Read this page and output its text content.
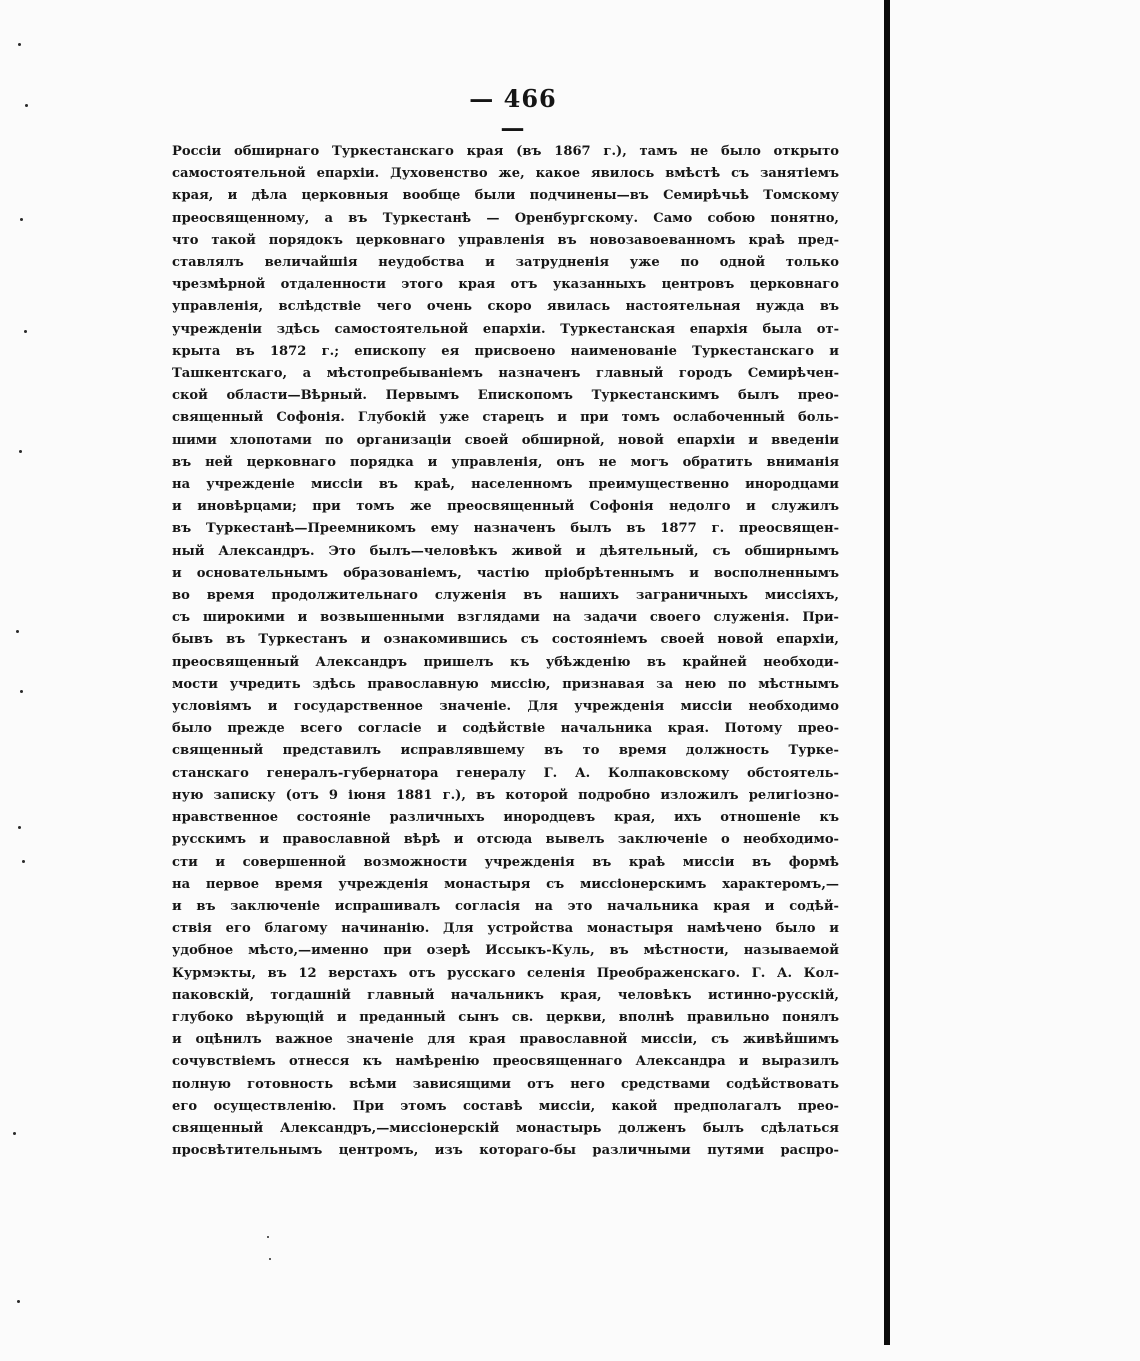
— 466 —
Россіи обширнаго Туркестанскаго края (въ 1867 г.), тамъ не было открыто
самостоятельной епархіи. Духовенство же, какое явилось вмѣстѣ съ занятіемъ
края, и дѣла церковныя вообще были подчинены—въ Семирѣчьѣ Томскому
преосвященному, а въ Туркестанѣ — Оренбургскому. Само собою понятно,
что такой порядокъ церковнаго управленія въ новозавоеванномъ краѣ пред-
ставлялъ величайшія неудобства и затрудненія уже по одной только
чрезмѣрной отдаленности этого края отъ указанныхъ центровъ церковнаго
управленія, вслѣдствіе чего очень скоро явилась настоятельная нужда въ
учрежденіи здѣсь самостоятельной епархіи. Туркестанская епархія была от-
крыта въ 1872 г.; епископу ея присвоено наименованіе Туркестанскаго и
Ташкентскаго, а мѣстопребываніемъ назначенъ главный городъ Семирѣчен-
ской области—Вѣрный. Первымъ Епископомъ Туркестанскимъ былъ прео-
священный Софонія. Глубокій уже старецъ и при томъ ослабоченный боль-
шими хлопотами по организаціи своей обширной, новой епархіи и введеніи
въ ней церковнаго порядка и управленія, онъ не могъ обратить вниманія
на учрежденіе миссіи въ краѣ, населенномъ преимущественно инородцами
и иновѣрцами; при томъ же преосвященный Софонія недолго и служилъ
въ Туркестанѣ—Преемникомъ ему назначенъ былъ въ 1877 г. преосвящен-
ный Александръ. Это былъ—человѣкъ живой и дѣятельный, съ обширнымъ
и основательнымъ образованіемъ, частію пріобрѣтеннымъ и восполненнымъ
во время продолжительнаго служенія въ нашихъ заграничныхъ миссіяхъ,
съ широкими и возвышенными взглядами на задачи своего служенія. При-
бывъ въ Туркестанъ и ознакомившись съ состояніемъ своей новой епархіи,
преосвященный Александръ пришелъ къ убѣжденію въ крайней необходи-
мости учредить здѣсь православную миссію, признавая за нею по мѣстнымъ
условіямъ и государственное значеніе. Для учрежденія миссіи необходимо
было прежде всего согласіе и содѣйствіе начальника края. Потому прео-
священный представилъ исправлявшему въ то время должность Турке-
станскаго генералъ-губернатора генералу Г. А. Колпаковскому обстоятель-
ную записку (отъ 9 іюня 1881 г.), въ которой подробно изложилъ религіозно-
нравственное состояніе различныхъ инородцевъ края, ихъ отношеніе къ
русскимъ и православной вѣрѣ и отсюда вывелъ заключеніе о необходимо-
сти и совершенной возможности учрежденія въ краѣ миссіи въ формѣ
на первое время учрежденія монастыря съ миссіонерскимъ характеромъ,—
и въ заключеніе испрашивалъ согласія на это начальника края и содѣй-
ствія его благому начинанію. Для устройства монастыря намѣчено было и
удобное мѣсто,—именно при озерѣ Иссыкъ-Куль, въ мѣстности, называемой
Курмэкты, въ 12 верстахъ отъ русскаго селенія Преображенскаго. Г. А. Кол-
паковскій, тогдашній главный начальникъ края, человѣкъ истинно-русскій,
глубоко вѣрующій и преданный сынъ св. церкви, вполнѣ правильно понялъ
и оцѣнилъ важное значеніе для края православной миссіи, съ живѣйшимъ
сочувствіемъ отнесся къ намѣренію преосвященнаго Александра и выразилъ
полную готовность всѣми зависящими отъ него средствами содѣйствовать
его осуществленію. При этомъ составѣ миссіи, какой предполагалъ прео-
священный Александръ,—миссіонерскій монастырь долженъ былъ сдѣлаться
просвѣтительнымъ центромъ, изъ котораго-бы различными путями распро-
